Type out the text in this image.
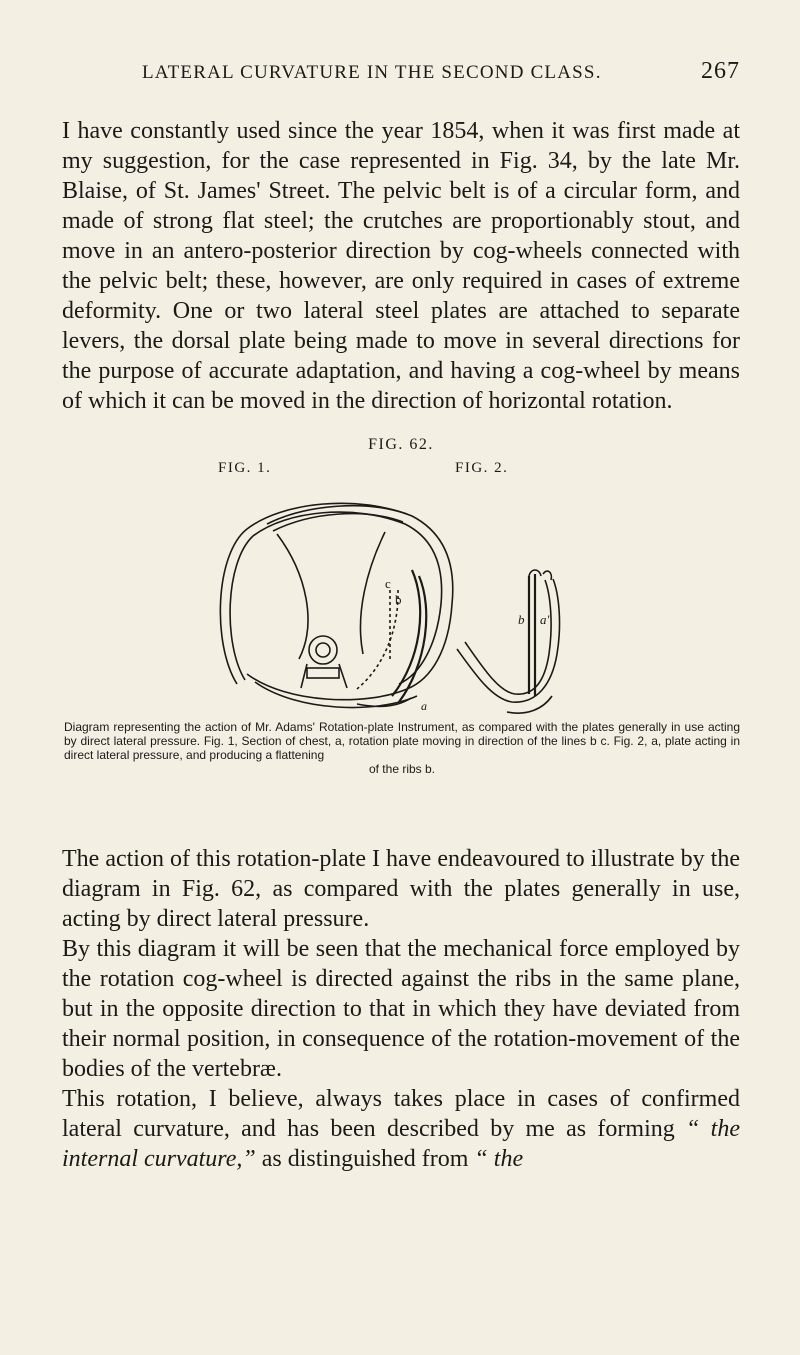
LATERAL CURVATURE IN THE SECOND CLASS.	267

I have constantly used since the year 1854, when it was first made at my suggestion, for the case represented in Fig. 34, by the late Mr. Blaise, of St. James' Street. The pelvic belt is of a circular form, and made of strong flat steel; the crutches are proportionably stout, and move in an antero-posterior direction by cog-wheels connected with the pelvic belt; these, however, are only required in cases of extreme deformity. One or two lateral steel plates are attached to separate levers, the dorsal plate being made to move in several directions for the purpose of accurate adaptation, and having a cog-wheel by means of which it can be moved in the direction of horizontal rotation.

FIG. 62.
FIG. 1.	FIG. 2.
c
b
a
b a'
Diagram representing the action of Mr. Adams' Rotation-plate Instrument, as compared with the plates generally in use acting by direct lateral pressure. Fig. 1, Section of chest, a, rotation plate moving in direction of the lines b c. Fig. 2, a, plate acting in direct lateral pressure, and producing a flattening
of the ribs b.

The action of this rotation-plate I have endeavoured to illustrate by the diagram in Fig. 62, as compared with the plates generally in use, acting by direct lateral pressure.

By this diagram it will be seen that the mechanical force employed by the rotation cog-wheel is directed against the ribs in the same plane, but in the opposite direction to that in which they have deviated from their normal position, in consequence of the rotation-movement of the bodies of the vertebræ.

This rotation, I believe, always takes place in cases of confirmed lateral curvature, and has been described by me as forming “ the internal curvature,” as distinguished from “ the
